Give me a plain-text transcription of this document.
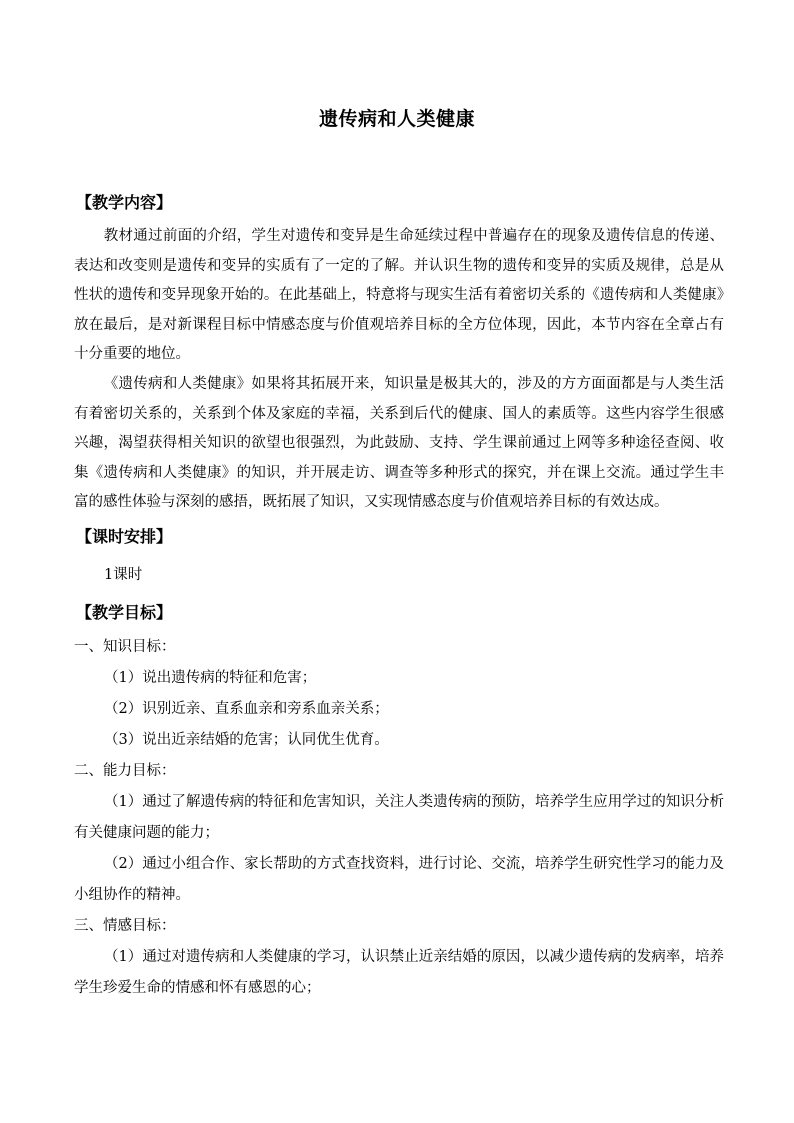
遗传病和人类健康
【教学内容】

教材通过前面的介绍，学生对遗传和变异是生命延续过程中普遍存在的现象及遗传信息的传递、表达和改变则是遗传和变异的实质有了一定的了解。并认识生物的遗传和变异的实质及规律，总是从性状的遗传和变异现象开始的。在此基础上，特意将与现实生活有着密切关系的《遗传病和人类健康》放在最后，是对新课程目标中情感态度与价值观培养目标的全方位体现，因此，本节内容在全章占有十分重要的地位。

《遗传病和人类健康》如果将其拓展开来，知识量是极其大的，涉及的方方面面都是与人类生活有着密切关系的，关系到个体及家庭的幸福，关系到后代的健康、国人的素质等。这些内容学生很感兴趣，渴望获得相关知识的欲望也很强烈，为此鼓励、支持、学生课前通过上网等多种途径查阅、收集《遗传病和人类健康》的知识，并开展走访、调查等多种形式的探究，并在课上交流。通过学生丰富的感性体验与深刻的感捂，既拓展了知识，又实现情感态度与价值观培养目标的有效达成。

【课时安排】
1课时
【教学目标】
一、知识目标：
（1）说出遗传病的特征和危害；
（2）识别近亲、直系血亲和旁系血亲关系；
（3）说出近亲结婚的危害；认同优生优育。
二、能力目标：

（1）通过了解遗传病的特征和危害知识，关注人类遗传病的预防，培养学生应用学过的知识分析有关健康问题的能力；

（2）通过小组合作、家长帮助的方式查找资料，进行讨论、交流，培养学生研究性学习的能力及小组协作的精神。

三、情感目标：

（1）通过对遗传病和人类健康的学习，认识禁止近亲结婚的原因，以减少遗传病的发病率，培养学生珍爱生命的情感和怀有感恩的心；
